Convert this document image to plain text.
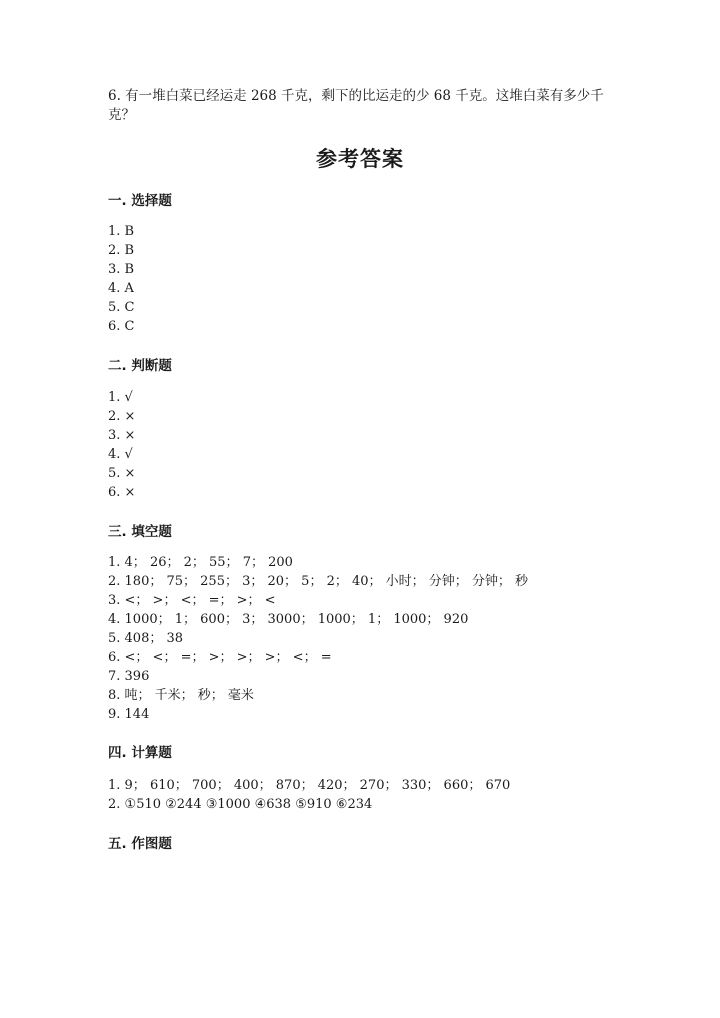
6. 有一堆白菜已经运走 268 千克，剩下的比运走的少 68 千克。这堆白菜有多少千克？
参考答案
一. 选择题
1. B
2. B
3. B
4. A
5. C
6. C
二. 判断题
1. √
2. ×
3. ×
4. √
5. ×
6. ×
三. 填空题
1. 4； 26； 2； 55； 7； 200
2. 180； 75； 255； 3； 20； 5； 2； 40； 小时； 分钟； 分钟； 秒
3. <； >； <； =； >； <
4. 1000； 1； 600； 3； 3000； 1000； 1； 1000； 920
5. 408； 38
6. <； <； =； >； >； >； <； =
7. 396
8. 吨； 千米； 秒； 毫米
9. 144
四. 计算题
1. 9； 610； 700； 400； 870； 420； 270； 330； 660； 670
2. ①510 ②244 ③1000 ④638 ⑤910 ⑥234
五. 作图题
